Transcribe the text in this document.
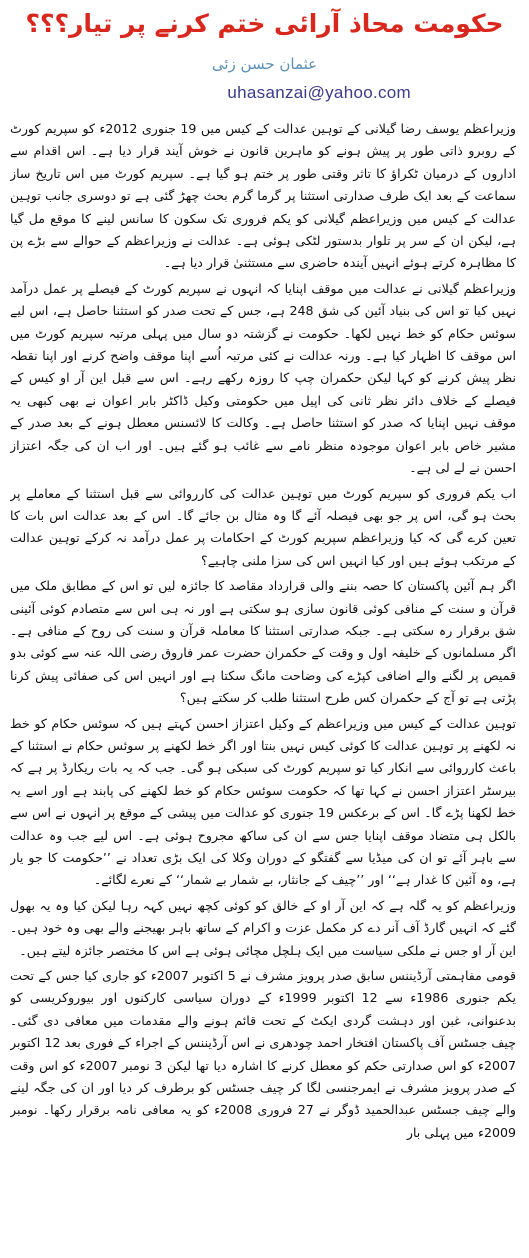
حکومت محاذ آرائی ختم کرنے پر تیار؟؟؟
عثمان حسن زئی
uhasanzai@yahoo.com

وزیراعظم یوسف رضا گیلانی کے توہین عدالت کے کیس میں 19 جنوری 2012ء کو سپریم کورٹ کے روبرو ذاتی طور پر پیش ہونے کو ماہرین قانون نے خوش آیند قرار دیا ہے۔ اس اقدام سے اداروں کے درمیان ٹکراؤ کا تاثر وقتی طور پر ختم ہو گیا ہے۔ سپریم کورٹ میں اس تاریخ ساز سماعت کے بعد ایک طرف صدارتی استثنا پر گرما گرم بحث چھڑ گئی ہے تو دوسری جانب توہین عدالت کے کیس میں وزیراعظم گیلانی کو یکم فروری تک سکون کا سانس لینے کا موقع مل گیا ہے، لیکن ان کے سر پر تلوار بدستور لٹکی ہوئی ہے۔ عدالت نے وزیراعظم کے حوالے سے بڑے پن کا مظاہرہ کرتے ہوئے انہیں آیندہ حاضری سے مستثنیٰ قرار دیا ہے۔

وزیراعظم گیلانی نے عدالت میں موقف اپنایا کہ انہوں نے سپریم کورٹ کے فیصلے پر عمل درآمد نہیں کیا تو اس کی بنیاد آئین کی شق 248 ہے، جس کے تحت صدر کو استثنا حاصل ہے، اس لیے سوئس حکام کو خط نہیں لکھا۔ حکومت نے گزشتہ دو سال میں پہلی مرتبہ سپریم کورٹ میں اس موقف کا اظہار کیا ہے۔ ورنہ عدالت نے کئی مرتبہ اُسے اپنا موقف واضح کرنے اور اپنا نقطہ نظر پیش کرنے کو کہا لیکن حکمران چپ کا روزہ رکھے رہے۔ اس سے قبل این آر او کیس کے فیصلے کے خلاف دائر نظر ثانی کی اپیل میں حکومتی وکیل ڈاکٹر بابر اعوان نے بھی کبھی یہ موقف نہیں اپنایا کہ صدر کو استثنا حاصل ہے۔ وکالت کا لائسنس معطل ہونے کے بعد صدر کے مشیر خاص بابر اعوان موجودہ منظر نامے سے غائب ہو گئے ہیں۔ اور اب ان کی جگہ اعتزاز احسن نے لے لی ہے۔

اب یکم فروری کو سپریم کورٹ میں توہین عدالت کی کارروائی سے قبل استثنا کے معاملے پر بحث ہو گی، اس پر جو بھی فیصلہ آئے گا وہ مثال بن جائے گا۔ اس کے بعد عدالت اس بات کا تعین کرے گی کہ کیا وزیراعظم سپریم کورٹ کے احکامات پر عمل درآمد نہ کرکے توہین عدالت کے مرتکب ہوئے ہیں اور کیا انہیں اس کی سزا ملنی چاہیے؟

اگر ہم آئین پاکستان کا حصہ بننے والی قرارداد مقاصد کا جائزہ لیں تو اس کے مطابق ملک میں قرآن و سنت کے منافی کوئی قانون سازی ہو سکتی ہے اور نہ ہی اس سے متصادم کوئی آئینی شق برقرار رہ سکتی ہے۔ جبکہ صدارتی استثنا کا معاملہ قرآن و سنت کی روح کے منافی ہے۔ اگر مسلمانوں کے خلیفہ اول و وقت کے حکمران حضرت عمر فاروق رضی اللہ عنہ سے کوئی بدو قمیص پر لگنے والے اضافی کپڑے کی وضاحت مانگ سکتا ہے اور انہیں اس کی صفائی پیش کرنا پڑتی ہے تو آج کے حکمران کس طرح استثنا طلب کر سکتے ہیں؟

توہین عدالت کے کیس میں وزیراعظم کے وکیل اعتزاز احسن کہتے ہیں کہ سوئس حکام کو خط نہ لکھنے پر توہین عدالت کا کوئی کیس نہیں بنتا اور اگر خط لکھنے پر سوئس حکام نے استثنا کے باعث کارروائی سے انکار کیا تو سپریم کورٹ کی سبکی ہو گی۔ جب کہ یہ بات ریکارڈ پر ہے کہ بیرسٹر اعتزاز احسن نے کہا تھا کہ حکومت سوئس حکام کو خط لکھنے کی پابند ہے اور اسے یہ خط لکھنا پڑے گا۔ اس کے برعکس 19 جنوری کو عدالت میں پیشی کے موقع پر انہوں نے اس سے بالکل ہی متضاد موقف اپنایا جس سے ان کی ساکھ مجروح ہوئی ہے۔ اس لیے جب وہ عدالت سے باہر آئے تو ان کی میڈیا سے گفتگو کے دوران وکلا کی ایک بڑی تعداد نے ’’حکومت کا جو یار ہے، وہ آئین کا غدار ہے‘‘ اور ’’چیف کے جانثار، بے شمار بے شمار‘‘ کے نعرے لگائے۔

وزیراعظم کو یہ گلہ ہے کہ این آر او کے خالق کو کوئی کچھ نہیں کہہ رہا لیکن کیا وہ یہ بھول گئے کہ انہیں گارڈ آف آنر دے کر مکمل عزت و اکرام کے ساتھ باہر بھیجنے والے بھی وہ خود ہیں۔ این آر او جس نے ملکی سیاست میں ایک ہلچل مچائی ہوئی ہے اس کا مختصر جائزہ لیتے ہیں۔

قومی مفاہمتی آرڈیننس سابق صدر پرویز مشرف نے 5 اکتوبر 2007ء کو جاری کیا جس کے تحت یکم جنوری 1986ء سے 12 اکتوبر 1999ء کے دوران سیاسی کارکنوں اور بیوروکریسی کو بدعنوانی، غبن اور دہشت گردی ایکٹ کے تحت قائم ہونے والے مقدمات میں معافی دی گئی۔ چیف جسٹس آف پاکستان افتخار احمد چودھری نے اس آرڈیننس کے اجراء کے فوری بعد 12 اکتوبر 2007ء کو اس صدارتی حکم کو معطل کرنے کا اشارہ دیا تھا لیکن 3 نومبر 2007ء کو اس وقت کے صدر پرویز مشرف نے ایمرجنسی لگا کر چیف جسٹس کو برطرف کر دیا اور ان کی جگہ لینے والے چیف جسٹس عبدالحمید ڈوگر نے 27 فروری 2008ء کو یہ معافی نامہ برقرار رکھا۔ نومبر 2009ء میں پہلی بار
